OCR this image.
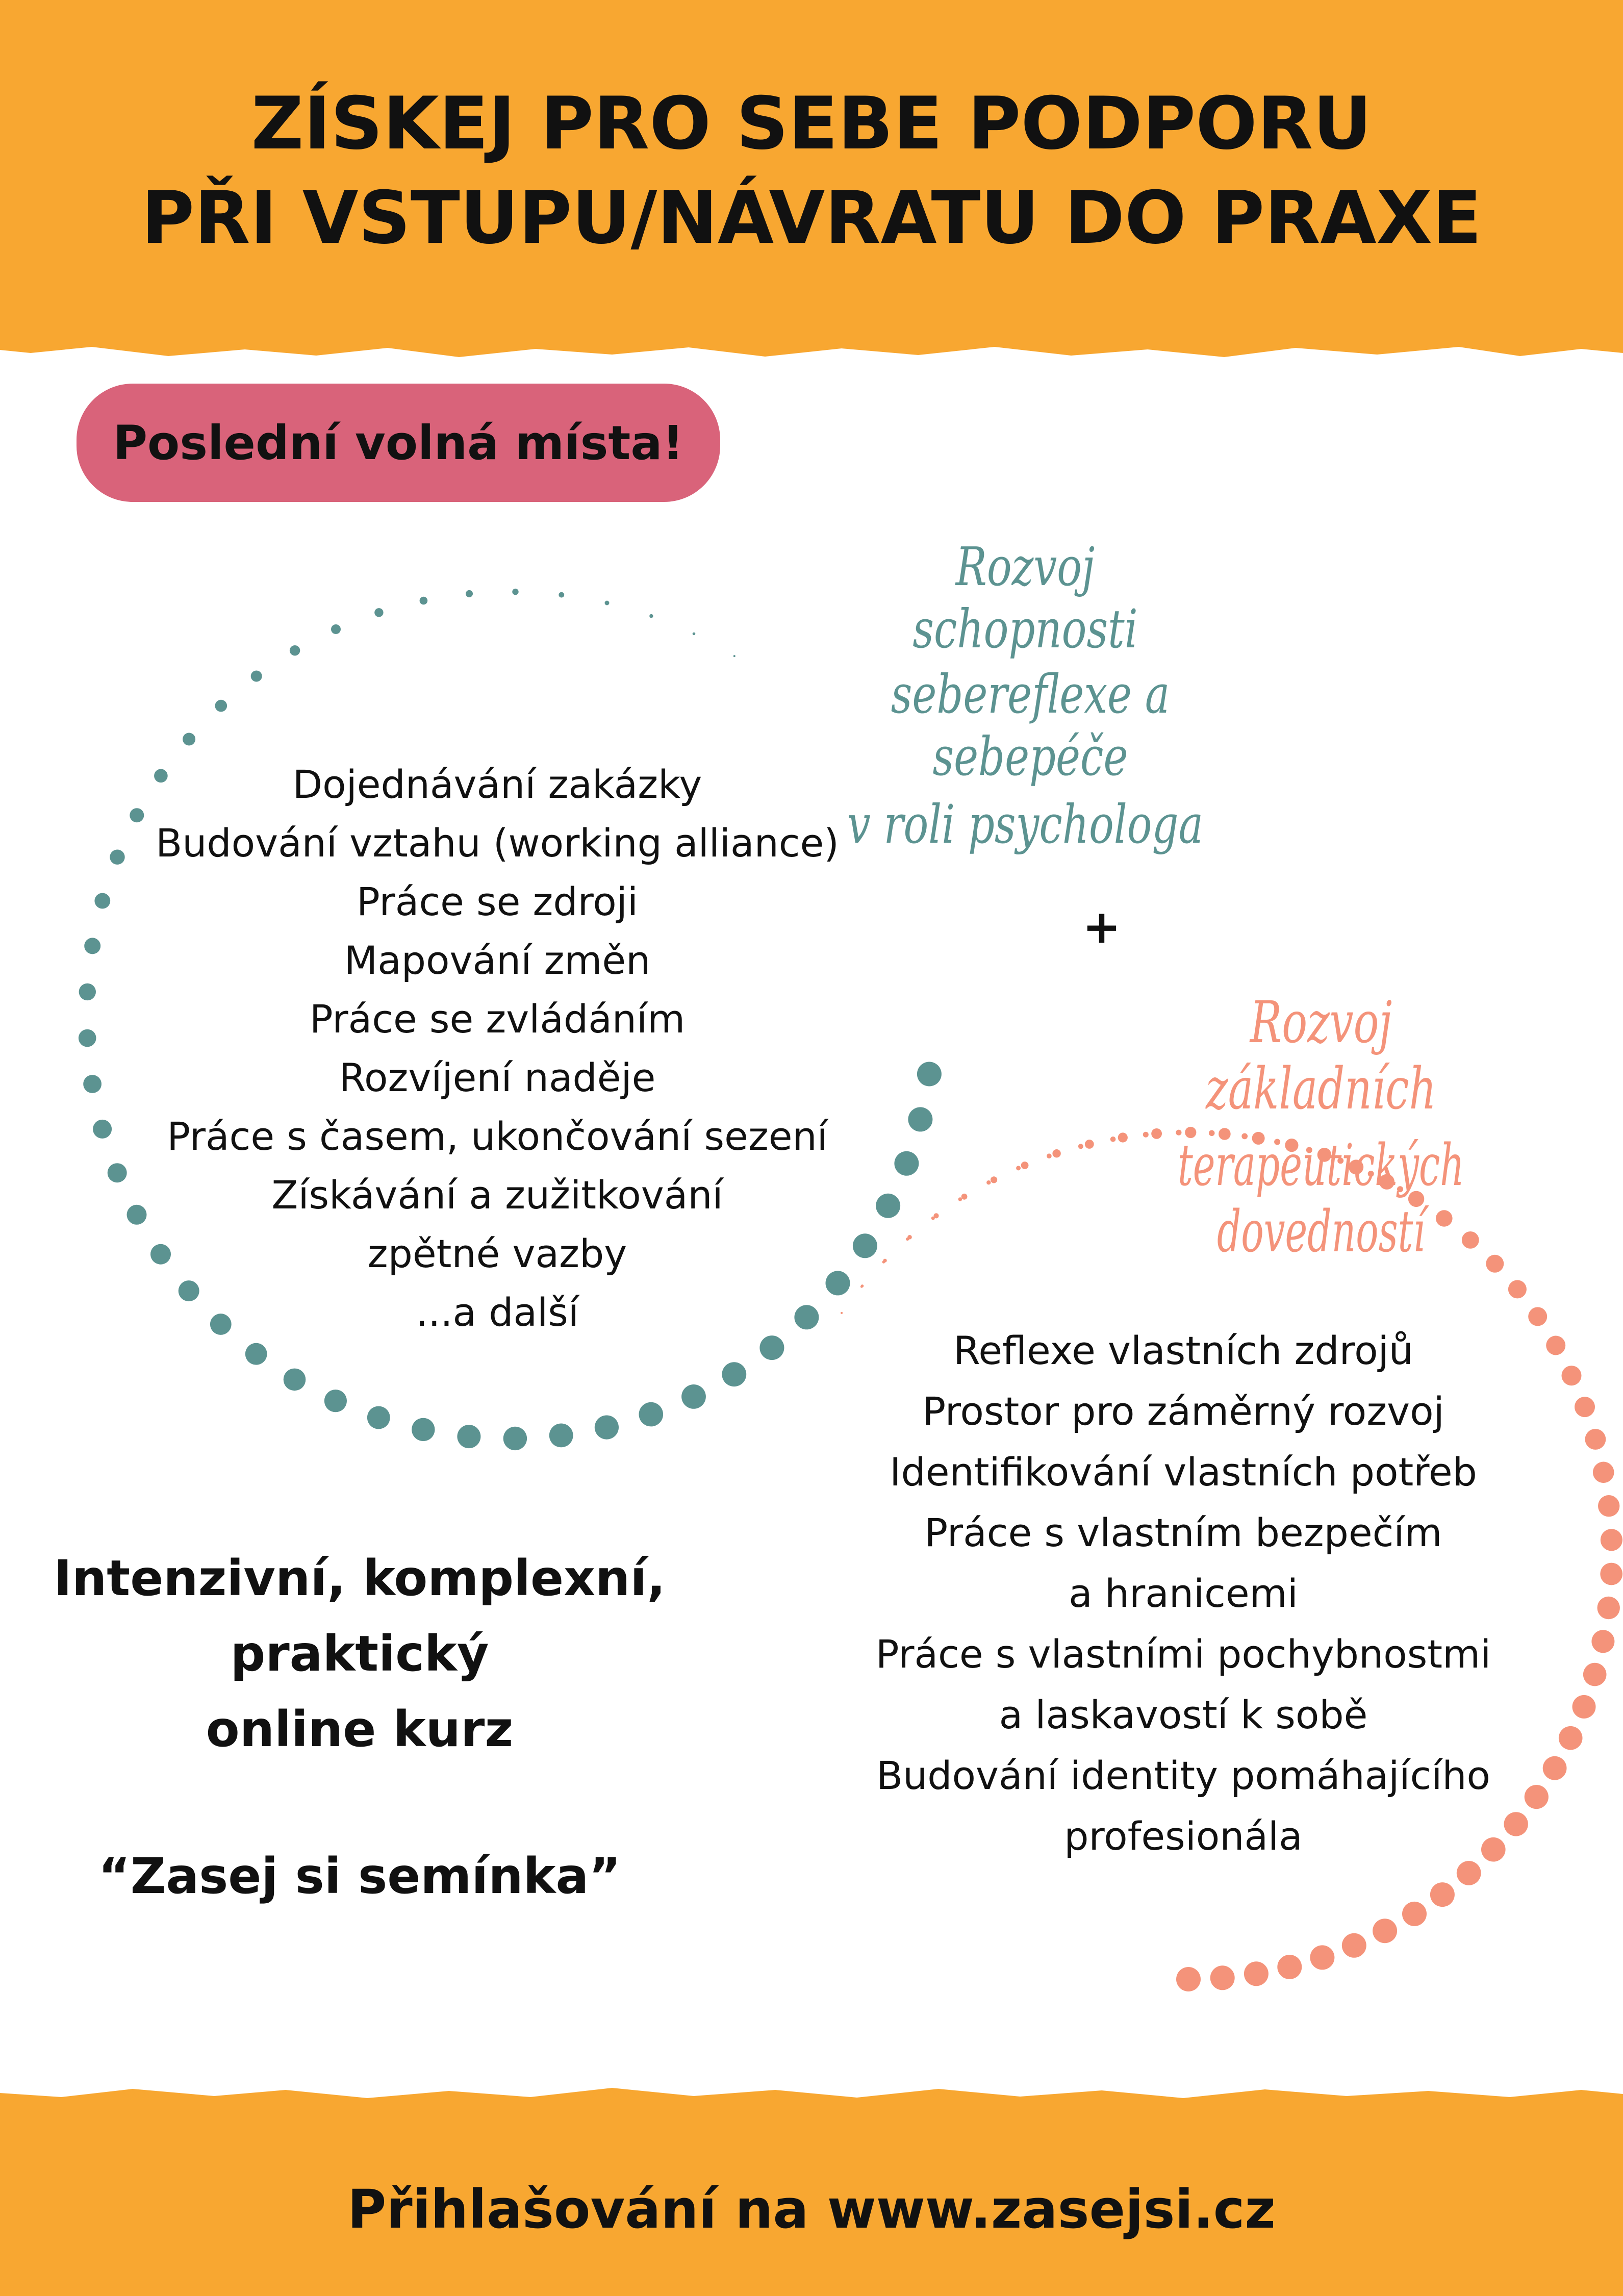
ZÍSKEJ PRO SEBE PODPORU
PŘI VSTUPU/NÁVRATU DO PRAXE
Poslední volná místa!
Dojednávání zakázky
Budování vztahu (working alliance)
Práce se zdroji
Mapování změn
Práce se zvládáním
Rozvíjení naděje
Práce s časem, ukončování sezení
Získávání a zužitkování
zpětné vazby
...a další

Rozvoj schopnosti

sebereflexe a sebepéče

v roli psychologa

+

Rozvoj základních

terapeutických dovedností

Reflexe vlastních zdrojů
Prostor pro záměrný rozvoj
Identifikování vlastních potřeb
Práce s vlastním bezpečím
a hranicemi
Práce s vlastními pochybnostmi
a laskavostí k sobě
Budování identity pomáhajícího
profesionála
Intenzivní, komplexní,
praktický
online kurz
“Zasej si semínka”
Přihlašování na www.zasejsi.cz
